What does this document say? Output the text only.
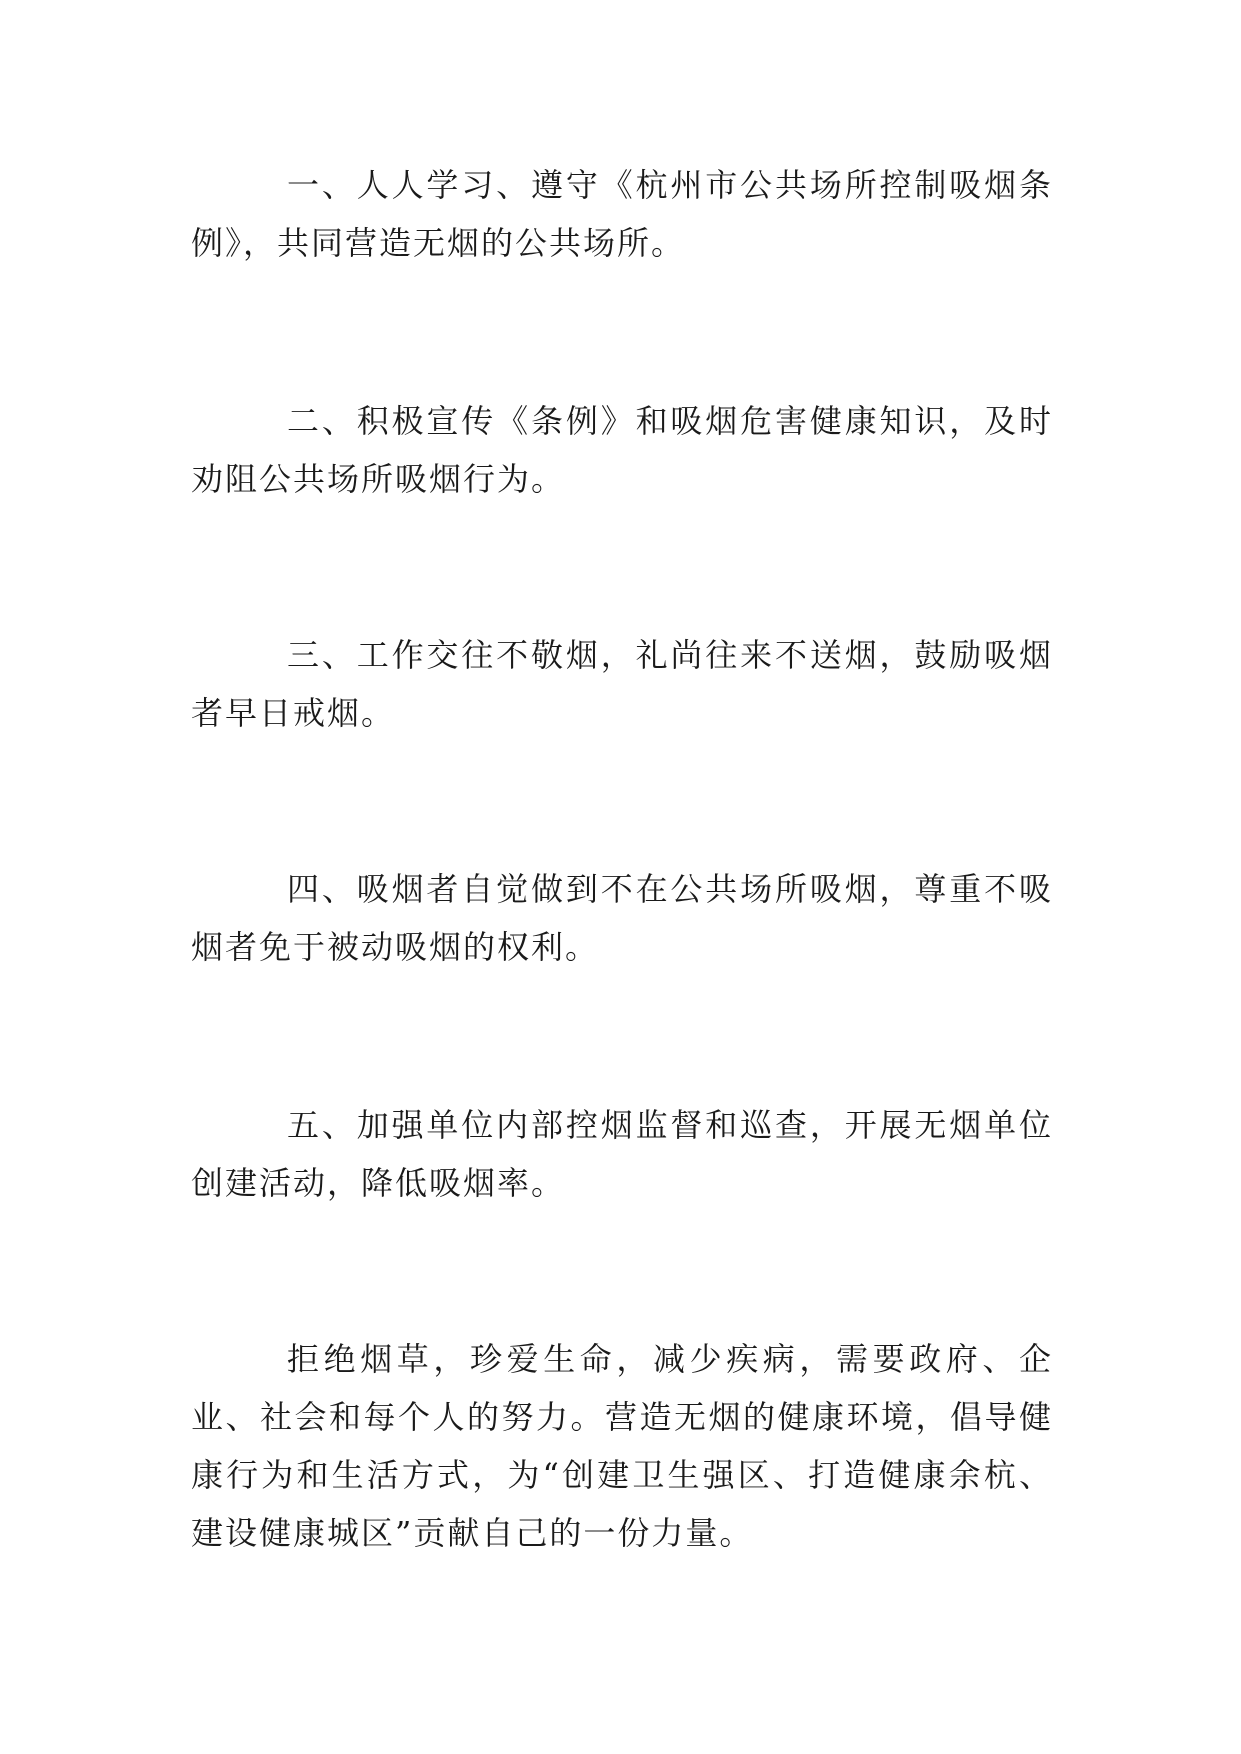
一、人人学习、遵守《杭州市公共场所控制吸烟条例》，共同营造无烟的公共场所。

二、积极宣传《条例》和吸烟危害健康知识，及时劝阻公共场所吸烟行为。

三、工作交往不敬烟，礼尚往来不送烟，鼓励吸烟者早日戒烟。

四、吸烟者自觉做到不在公共场所吸烟，尊重不吸烟者免于被动吸烟的权利。

五、加强单位内部控烟监督和巡查，开展无烟单位创建活动，降低吸烟率。

拒绝烟草，珍爱生命，减少疾病，需要政府、企业、社会和每个人的努力。营造无烟的健康环境，倡导健康行为和生活方式，为“创建卫生强区、打造健康余杭、建设健康城区”贡献自己的一份力量。
